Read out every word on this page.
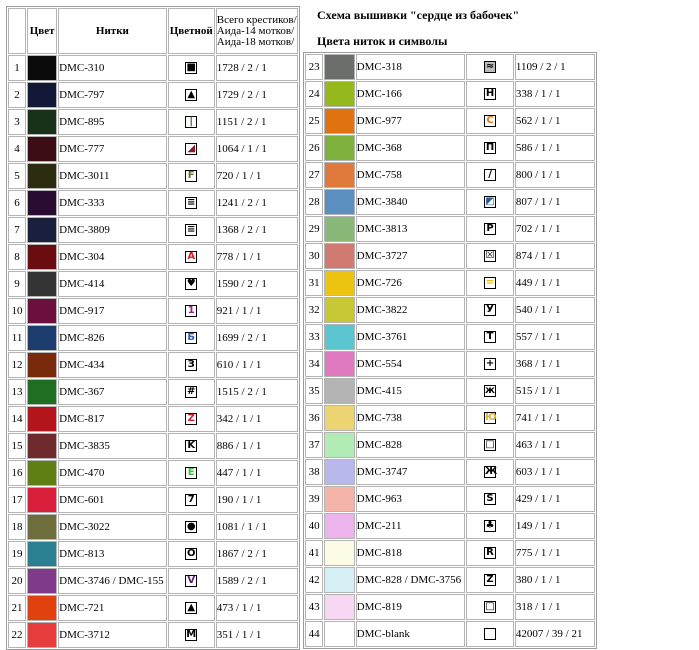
Схема вышивки "сердце из бабочек"
Цвета ниток и символы
	Цвет	Нитки	Цветной	Всего крестиков/
Аида-14 мотков/
Аида-18 мотков/

1		DMC-310	■	1728 / 2 / 1
2		DMC-797	▲	1729 / 2 / 1
3		DMC-895	|	1151 / 2 / 1
4		DMC-777	◢	1064 / 1 / 1
5		DMC-3011	F	720 / 1 / 1
6		DMC-333	≡	1241 / 2 / 1
7		DMC-3809	≡	1368 / 2 / 1
8		DMC-304	A	778 / 1 / 1
9		DMC-414	♥	1590 / 2 / 1
10		DMC-917	1	921 / 1 / 1
11		DMC-826	Б	1699 / 2 / 1
12		DMC-434	З	610 / 1 / 1
13		DMC-367	#	1515 / 2 / 1
14		DMC-817	Z	342 / 1 / 1
15		DMC-3835	K	886 / 1 / 1
16		DMC-470	E	447 / 1 / 1
17		DMC-601	7	190 / 1 / 1
18		DMC-3022	●	1081 / 1 / 1
19		DMC-813	O	1867 / 2 / 1
20		DMC-3746 / DMC-155	V	1589 / 2 / 1
21		DMC-721	▲	473 / 1 / 1
22		DMC-3712	M	351 / 1 / 1
23		DMC-318	≈	1109 / 2 / 1
24		DMC-166	H	338 / 1 / 1
25		DMC-977	C	562 / 1 / 1
26		DMC-368	П	586 / 1 / 1
27		DMC-758	/	800 / 1 / 1
28		DMC-3840	◩	807 / 1 / 1
29		DMC-3813	P	702 / 1 / 1
30		DMC-3727	☒	874 / 1 / 1
31		DMC-726	=	449 / 1 / 1
32		DMC-3822	У	540 / 1 / 1
33		DMC-3761	Т	557 / 1 / 1
34		DMC-554	+	368 / 1 / 1
35		DMC-415	ж	515 / 1 / 1
36		DMC-738	Ю	741 / 1 / 1
37		DMC-828	□	463 / 1 / 1
38		DMC-3747	Ж	603 / 1 / 1
39		DMC-963	S	429 / 1 / 1
40		DMC-211	♣	149 / 1 / 1
41		DMC-818	R	775 / 1 / 1
42		DMC-828 / DMC-3756	Z	380 / 1 / 1
43		DMC-819	□	318 / 1 / 1
44		DMC-blank		42007 / 39 / 21
